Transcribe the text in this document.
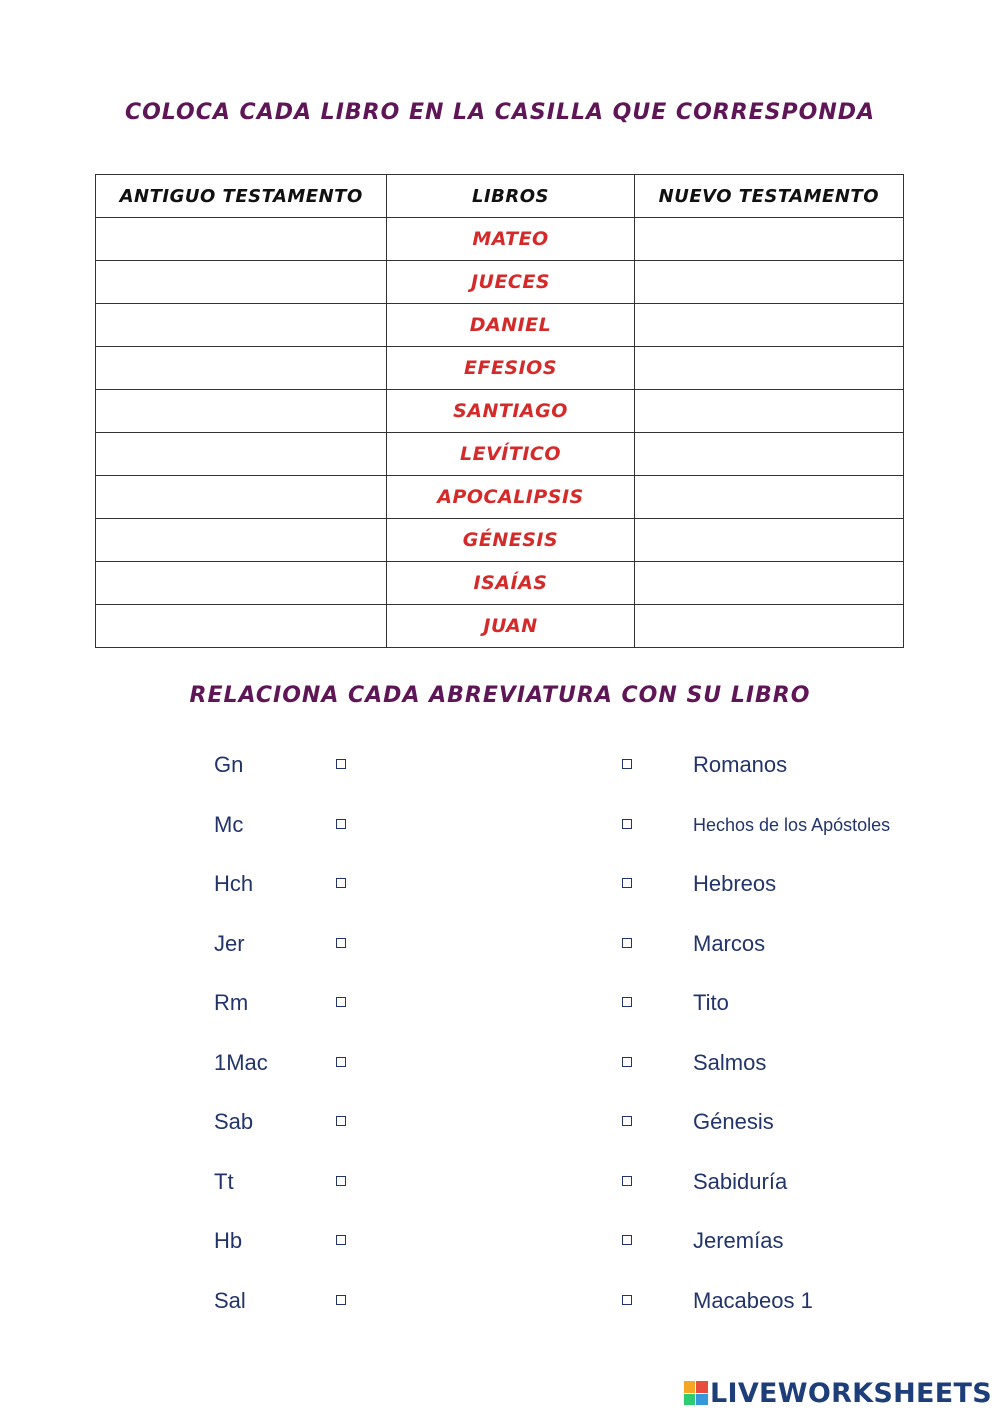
COLOCA CADA LIBRO EN LA CASILLA QUE CORRESPONDA
ANTIGUO TESTAMENTO	LIBROS	NUEVO TESTAMENTO
	MATEO	
	JUECES	
	DANIEL	
	EFESIOS	
	SANTIAGO	
	LEVÍTICO	
	APOCALIPSIS	
	GÉNESIS	
	ISAÍAS	
	JUAN	
RELACIONA CADA ABREVIATURA CON SU LIBRO
Gn	Romanos
Mc	Hechos de los Apóstoles
Hch	Hebreos
Jer	Marcos
Rm	Tito
1Mac	Salmos
Sab	Génesis
Tt	Sabiduría
Hb	Jeremías
Sal	Macabeos 1
LIVEWORKSHEETS
